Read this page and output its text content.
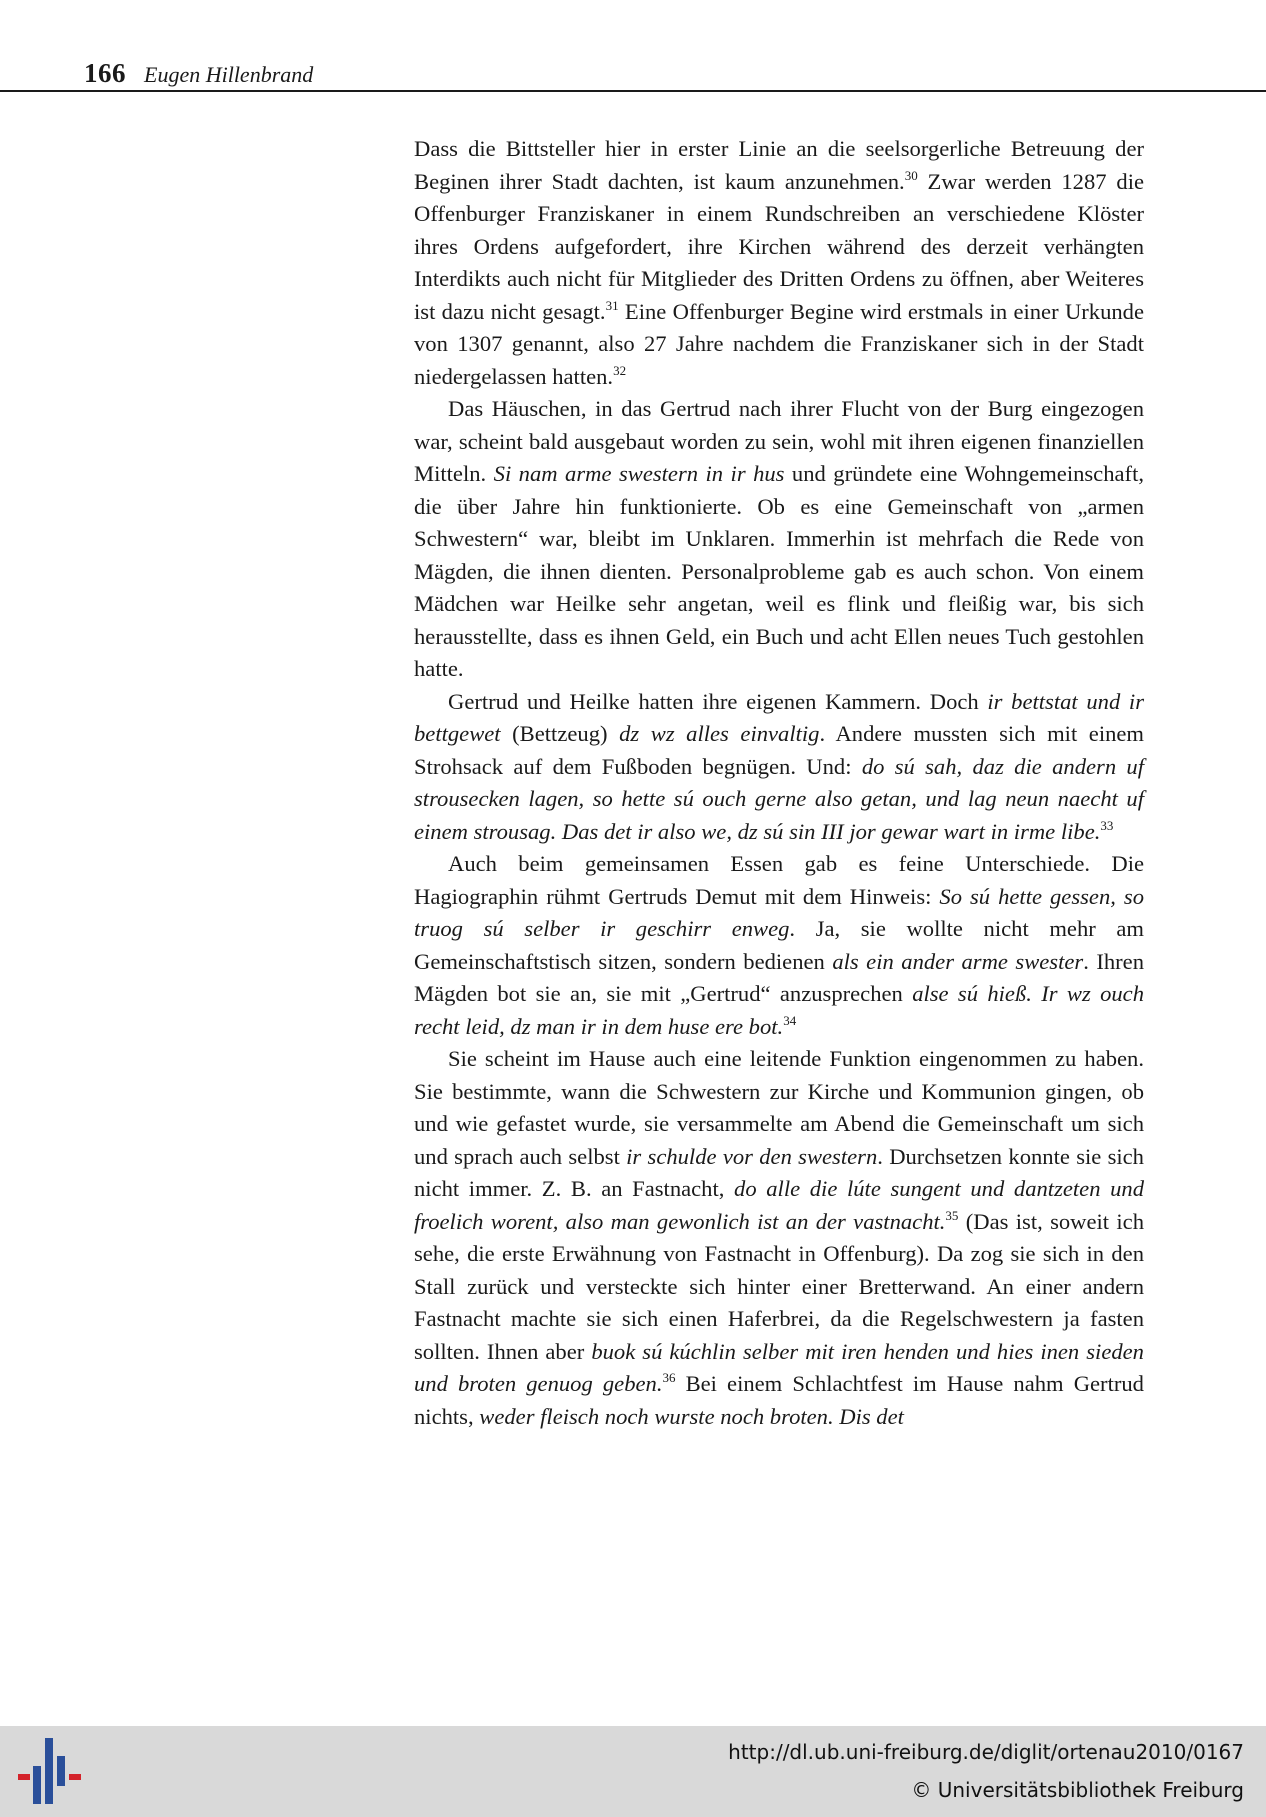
166 Eugen Hillenbrand

Dass die Bittsteller hier in erster Linie an die seelsorgerliche Betreuung der Beginen ihrer Stadt dachten, ist kaum anzunehmen.$^{30}$ Zwar werden 1287 die Offenburger Franziskaner in einem Rundschreiben an verschiedene Klöster ihres Ordens aufgefordert, ihre Kirchen während des derzeit verhängten Interdikts auch nicht für Mitglieder des Dritten Ordens zu öffnen, aber Weiteres ist dazu nicht gesagt.$^{31}$ Eine Offenburger Begine wird erstmals in einer Urkunde von 1307 genannt, also 27 Jahre nachdem die Franziskaner sich in der Stadt niedergelassen hatten.$^{32}$

Das Häuschen, in das Gertrud nach ihrer Flucht von der Burg eingezogen war, scheint bald ausgebaut worden zu sein, wohl mit ihren eigenen finanziellen Mitteln. Si nam arme swestern in ir hus und gründete eine Wohngemeinschaft, die über Jahre hin funktionierte. Ob es eine Gemeinschaft von „armen Schwestern“ war, bleibt im Unklaren. Immerhin ist mehrfach die Rede von Mägden, die ihnen dienten. Personalprobleme gab es auch schon. Von einem Mädchen war Heilke sehr angetan, weil es flink und fleißig war, bis sich herausstellte, dass es ihnen Geld, ein Buch und acht Ellen neues Tuch gestohlen hatte.

Gertrud und Heilke hatten ihre eigenen Kammern. Doch ir bettstat und ir bettgewet (Bettzeug) dz wz alles einvaltig. Andere mussten sich mit einem Strohsack auf dem Fußboden begnügen. Und: do sú sah, daz die andern uf strousecken lagen, so hette sú ouch gerne also getan, und lag neun naecht uf einem strousag. Das det ir also we, dz sú sin III jor gewar wart in irme libe.$^{33}$

Auch beim gemeinsamen Essen gab es feine Unterschiede. Die Hagiographin rühmt Gertruds Demut mit dem Hinweis: So sú hette gessen, so truog sú selber ir geschirr enweg. Ja, sie wollte nicht mehr am Gemeinschaftstisch sitzen, sondern bedienen als ein ander arme swester. Ihren Mägden bot sie an, sie mit „Gertrud“ anzusprechen alse sú hieß. Ir wz ouch recht leid, dz man ir in dem huse ere bot.$^{34}$

Sie scheint im Hause auch eine leitende Funktion eingenommen zu haben. Sie bestimmte, wann die Schwestern zur Kirche und Kommunion gingen, ob und wie gefastet wurde, sie versammelte am Abend die Gemeinschaft um sich und sprach auch selbst ir schulde vor den swestern. Durchsetzen konnte sie sich nicht immer. Z. B. an Fastnacht, do alle die lúte sungent und dantzeten und froelich worent, also man gewonlich ist an der vastnacht.$^{35}$ (Das ist, soweit ich sehe, die erste Erwähnung von Fastnacht in Offenburg). Da zog sie sich in den Stall zurück und versteckte sich hinter einer Bretterwand. An einer andern Fastnacht machte sie sich einen Haferbrei, da die Regelschwestern ja fasten sollten. Ihnen aber buok sú kúchlin selber mit iren henden und hies inen sieden und broten genuog geben.$^{36}$ Bei einem Schlachtfest im Hause nahm Gertrud nichts, weder fleisch noch wurste noch broten. Dis det

http://dl.ub.uni-freiburg.de/diglit/ortenau2010/0167
© Universitätsbibliothek Freiburg
